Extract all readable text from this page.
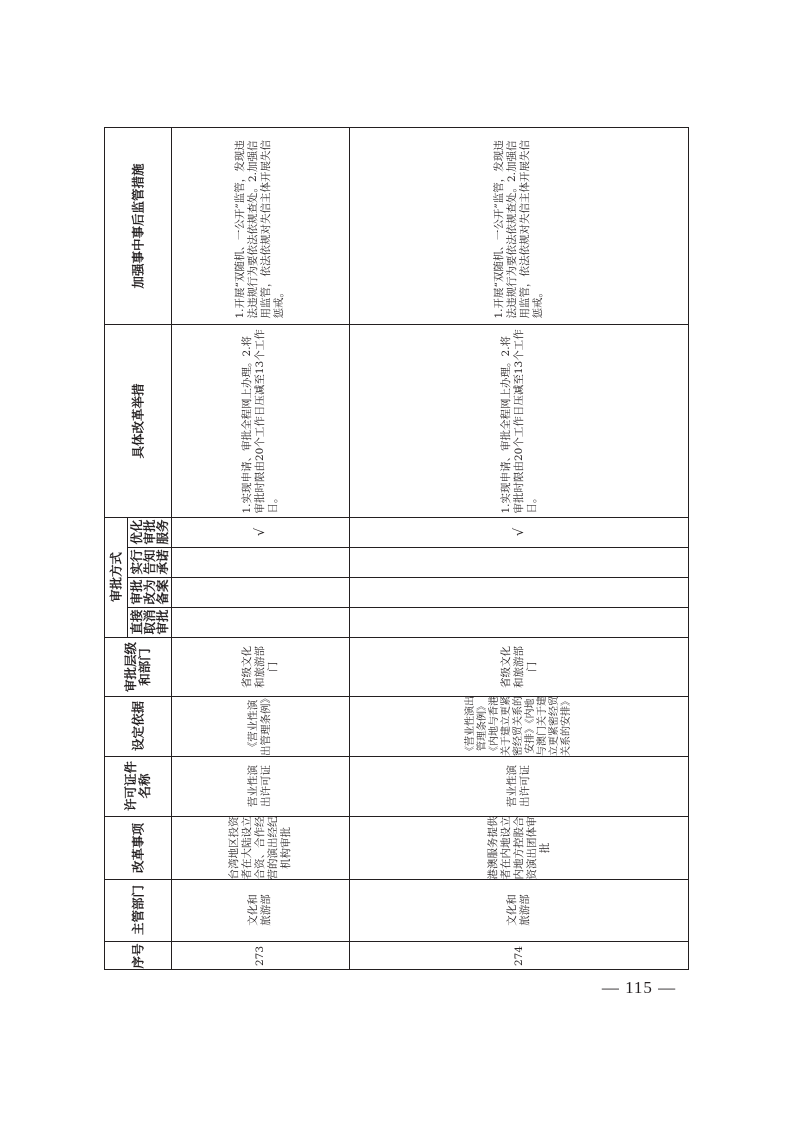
序号
主管部门
改革事项
许可证件名称
设定依据
审批层级和部门
审批方式
直接取消审批
审批改为备案
实行告知承诺
优化审批服务
具体改革举措
加强事中事后监管措施
273
文化和旅游部
台湾地区投资者在大陆设立合资、合作经营的演出经纪机构审批
营业性演出许可证
《营业性演出管理条例》
省级文化和旅游部门
√
1.实现申请、审批全程网上办理。2.将审批时限由20个工作日压减至13个工作日。
1.开展“双随机、一公开”监管，发现违法违规行为要依法依规查处。2.加强信用监管，依法依规对失信主体开展失信惩戒。
274
文化和旅游部
港澳服务提供者在内地设立内地方控股合资演出团体审批
营业性演出许可证
《营业性演出管理条例》《内地与香港关于建立更紧密经贸关系的安排》《内地与澳门关于建立更紧密经贸关系的安排》
省级文化和旅游部门
√
1.实现申请、审批全程网上办理。2.将审批时限由20个工作日压减至13个工作日。
1.开展“双随机、一公开”监管，发现违法违规行为要依法依规查处。2.加强信用监管，依法依规对失信主体开展失信惩戒。
— 115 —
